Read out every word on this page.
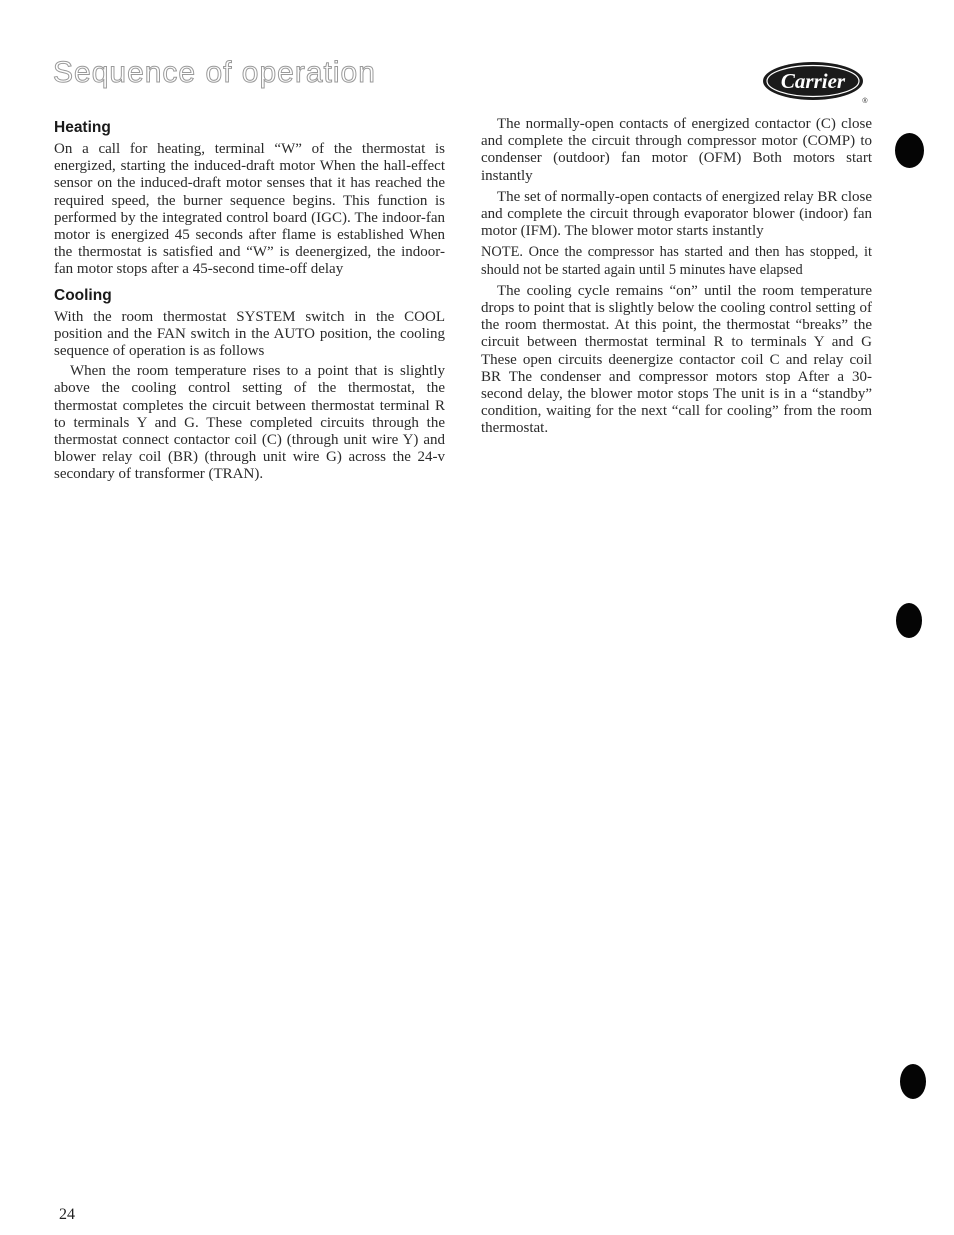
Sequence of operation	Carrier
®
Heating

On a call for heating, terminal “W” of the thermostat is energized, starting the induced-draft motor When the hall-effect sensor on the induced-draft motor senses that it has reached the required speed, the burner sequence begins. This function is performed by the integrated control board (IGC). The indoor-fan motor is energized 45 seconds after flame is established When the thermostat is satisfied and “W” is deenergized, the indoor-fan motor stops after a 45-second time-off delay

Cooling

With the room thermostat SYSTEM switch in the COOL position and the FAN switch in the AUTO position, the cooling sequence of operation is as follows

When the room temperature rises to a point that is slightly above the cooling control setting of the thermostat, the thermostat completes the circuit between thermostat terminal R to terminals Y and G. These completed circuits through the thermostat connect contactor coil (C) (through unit wire Y) and blower relay coil (BR) (through unit wire G) across the 24-v secondary of transformer (TRAN).

The normally-open contacts of energized contactor (C) close and complete the circuit through compressor motor (COMP) to condenser (outdoor) fan motor (OFM) Both motors start instantly

The set of normally-open contacts of energized relay BR close and complete the circuit through evaporator blower (indoor) fan motor (IFM). The blower motor starts instantly

NOTE. Once the compressor has started and then has stopped, it should not be started again until 5 minutes have elapsed

The cooling cycle remains “on” until the room temperature drops to point that is slightly below the cooling control setting of the room thermostat. At this point, the thermostat “breaks” the circuit between thermostat terminal R to terminals Y and G These open circuits deenergize contactor coil C and relay coil BR The condenser and compressor motors stop After a 30-second delay, the blower motor stops The unit is in a “standby” condition, waiting for the next “call for cooling” from the room thermostat.

24
